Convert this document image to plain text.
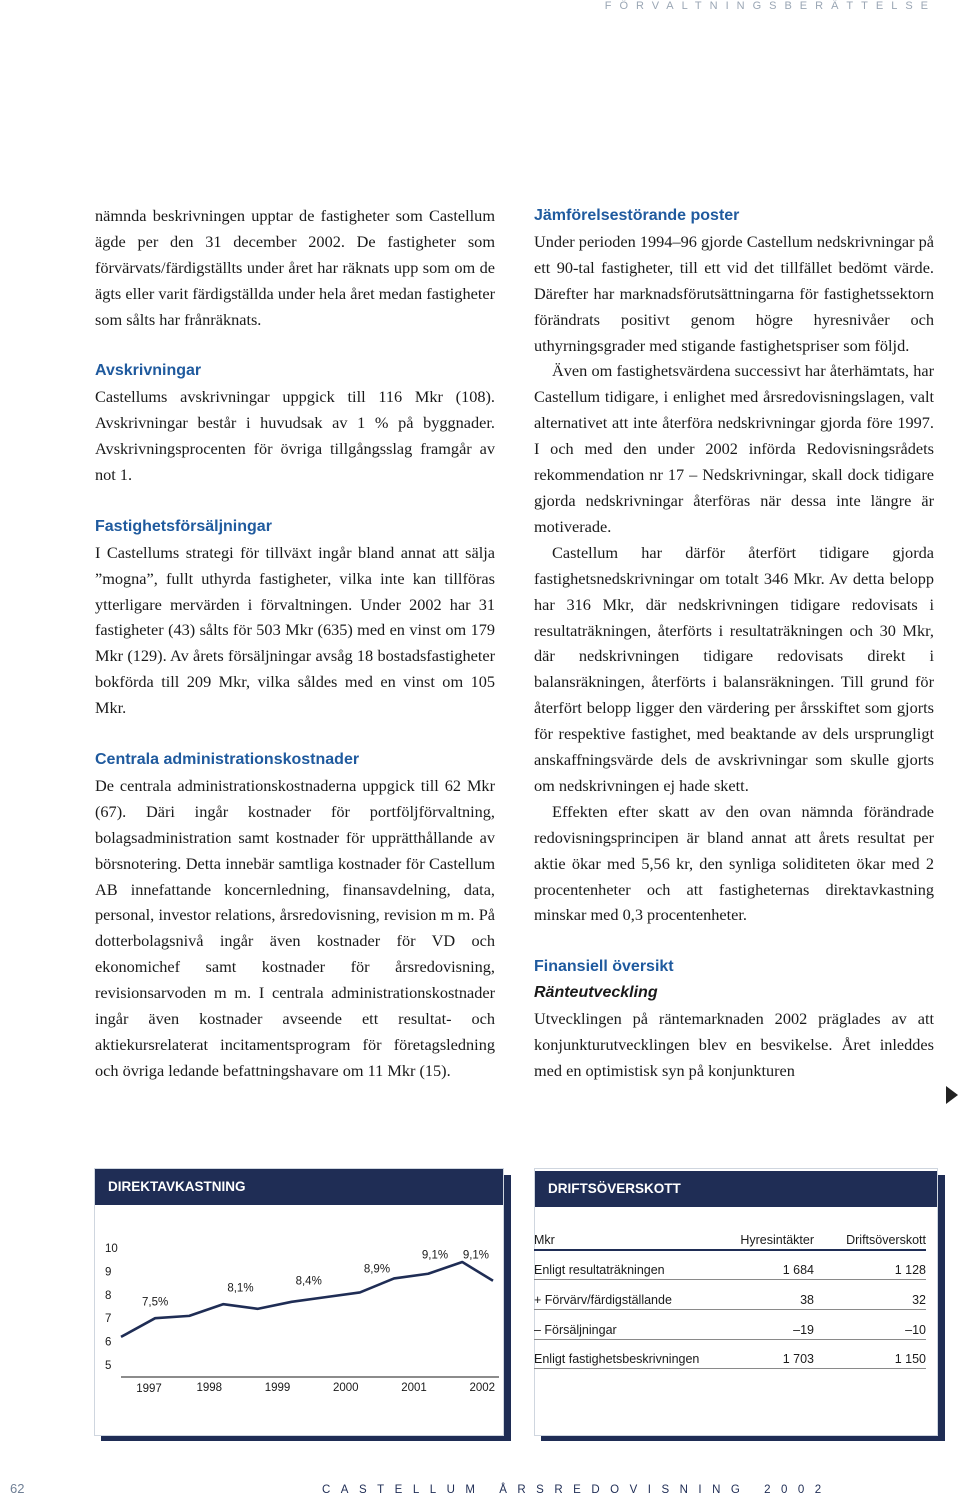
FÖRVALTNINGSBERÄTTELSE

nämnda beskrivningen upptar de fastigheter som Castellum ägde per den 31 december 2002. De fastigheter som förvärvats/färdigställts under året har räknats upp som om de ägts eller varit färdigställda under hela året medan fastigheter som sålts har frånräknats.

Avskrivningar

Castellums avskrivningar uppgick till 116 Mkr (108). Avskrivningar består i huvudsak av 1 % på byggnader. Avskrivningsprocenten för övriga tillgångsslag framgår av not 1.

Fastighetsförsäljningar

I Castellums strategi för tillväxt ingår bland annat att sälja ”mogna”, fullt uthyrda fastigheter, vilka inte kan tillföras ytterligare mervärden i förvaltningen. Under 2002 har 31 fastigheter (43) sålts för 503 Mkr (635) med en vinst om 179 Mkr (129). Av årets försäljningar avsåg 18 bostadsfastigheter bokförda till 209 Mkr, vilka såldes med en vinst om 105 Mkr.

Centrala administrationskostnader

De centrala administrationskostnaderna uppgick till 62 Mkr (67). Däri ingår kostnader för portföljförvaltning, bolagsadministration samt kostnader för upprätthållande av börsnotering. Detta innebär samtliga kostnader för Castellum AB innefattande koncernledning, finansavdelning, data, personal, investor relations, årsredovisning, revision m m. På dotterbolagsnivå ingår även kostnader för VD och ekonomichef samt kostnader för årsredovisning, revisionsarvoden m m. I centrala administrationskostnader ingår även kostnader avseende ett resultat- och aktiekursrelaterat incitamentsprogram för företagsledning och övriga ledande befattningshavare om 11 Mkr (15).

Jämförelsestörande poster

Under perioden 1994–96 gjorde Castellum nedskrivningar på ett 90-tal fastigheter, till ett vid det tillfället bedömt värde. Därefter har marknadsförutsättningarna för fastighetssektorn förändrats positivt genom högre hyresnivåer och uthyrningsgrader med stigande fastighetspriser som följd.

Även om fastighetsvärdena successivt har återhämtats, har Castellum tidigare, i enlighet med årsredovisningslagen, valt alternativet att inte återföra nedskrivningar gjorda före 1997. I och med den under 2002 införda Redovisningsrådets rekommendation nr 17 – Nedskrivningar, skall dock tidigare gjorda nedskrivningar återföras när dessa inte längre är motiverade.

Castellum har därför återfört tidigare gjorda fastighetsnedskrivningar om totalt 346 Mkr. Av detta belopp har 316 Mkr, där nedskrivningen tidigare redovisats i resultaträkningen, återförts i resultaträkningen och 30 Mkr, där nedskrivningen tidigare redovisats direkt i balansräkningen, återförts i balansräkningen. Till grund för återfört belopp ligger den värdering per årsskiftet som gjorts för respektive fastighet, med beaktande av dels ursprungligt anskaffningsvärde dels de avskrivningar som skulle gjorts om nedskrivningen ej hade skett.

Effekten efter skatt av den ovan nämnda förändrade redovisningsprincipen är bland annat att årets resultat per aktie ökar med 5,56 kr, den synliga soliditeten ökar med 2 procentenheter och att fastigheternas direktavkastning minskar med 0,3 procentenheter.

Finansiell översikt
Ränteutveckling

Utvecklingen på räntemarknaden 2002 präglades av att konjunkturutvecklingen blev en besvikelse. Året inleddes med en optimistisk syn på konjunkturen

DIREKTAVKASTNING
10
9
8
7
6
5
1997	1998	1999	2000	2001	2002
7,5%
8,1%
8,4%
8,9%
9,1% 9,1%
DRIFTSÖVERSKOTT
Mkr	Hyresintäkter	Driftsöverskott
Enligt resultaträkningen	1 684	1 128
+ Förvärv/färdigställande	38	32
– Försäljningar	–19	–10
Enligt fastighetsbeskrivningen	1 703	1 150
62	CASTELLUM ÅRSREDOVISNING 2002
